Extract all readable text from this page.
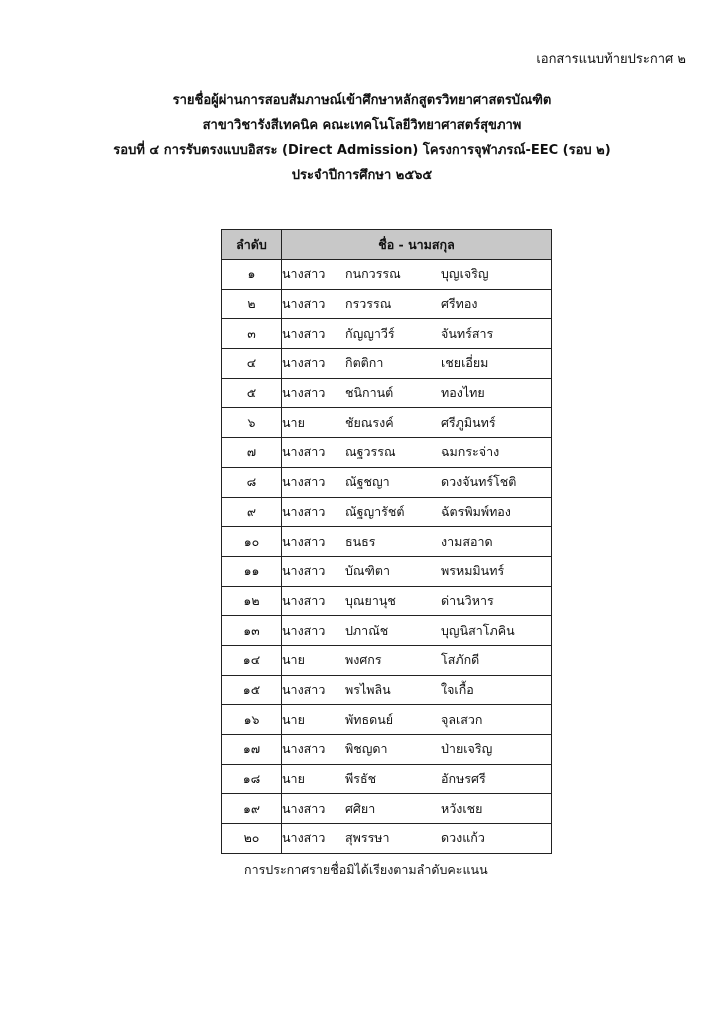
เอกสารแนบท้ายประกาศ ๒
รายชื่อผู้ผ่านการสอบสัมภาษณ์เข้าศึกษาหลักสูตรวิทยาศาสตรบัณฑิต
สาขาวิชารังสีเทคนิค คณะเทคโนโลยีวิทยาศาสตร์สุขภาพ
รอบที่ ๔ การรับตรงแบบอิสระ (Direct Admission) โครงการจุฬาภรณ์-EEC (รอบ ๒)
ประจำปีการศึกษา ๒๕๖๕
ลำดับ	ชื่อ - นามสกุล
๑	นางสาว กนกวรรณ บุญเจริญ
๒	นางสาว กรวรรณ ศรีทอง
๓	นางสาว กัญญาวีร์ จันทร์สาร
๔	นางสาว กิตติกา เชยเอี่ยม
๕	นางสาว ชนิกานต์ ทองไทย
๖	นาย ชัยณรงค์ ศรีภูมินทร์
๗	นางสาว ณฐวรรณ ฉมกระจ่าง
๘	นางสาว ณัฐชญา ดวงจันทร์โชติ
๙	นางสาว ณัฐญารัชต์ ฉัตรพิมพ์ทอง
๑๐	นางสาว ธนธร งามสอาด
๑๑	นางสาว บัณฑิตา พรหมมินทร์
๑๒	นางสาว บุณยานุช ด่านวิหาร
๑๓	นางสาว ปภาณัช บุญนิสาโภคิน
๑๔	นาย พงศกร โสภักดี
๑๕	นางสาว พรไพลิน ใจเกื้อ
๑๖	นาย พัทธดนย์ จุลเสวก
๑๗	นางสาว พิชญดา ป่ายเจริญ
๑๘	นาย พีรธัช อักษรศรี
๑๙	นางสาว ศศิยา หวังเชย
๒๐	นางสาว สุพรรษา ดวงแก้ว
การประกาศรายชื่อมิได้เรียงตามลำดับคะแนน
